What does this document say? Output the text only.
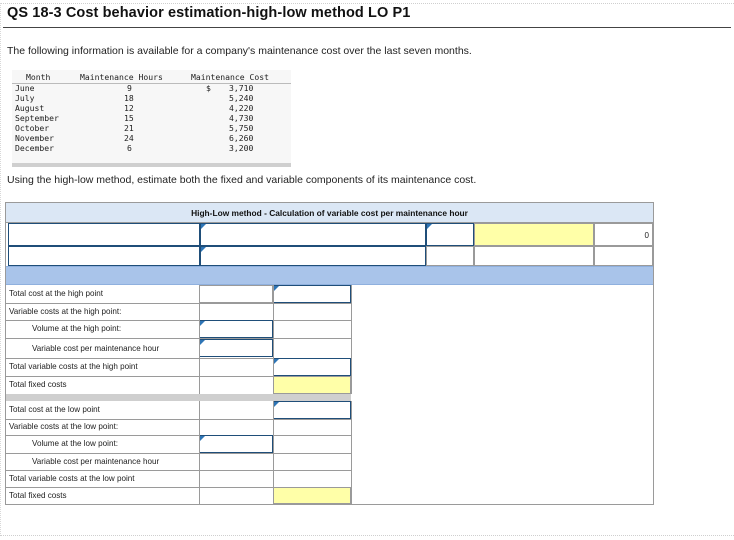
QS 18-3 Cost behavior estimation-high-low method LO P1
The following information is available for a company's maintenance cost over the last seven months.
Month	Maintenance Hours	Maintenance Cost
$
June	9	3,710
July	18	5,240
August	12	4,220
September	15	4,730
October	21	5,750
November	24	6,260
December	6	3,200
Using the high-low method, estimate both the fixed and variable components of its maintenance cost.
High-Low method - Calculation of variable cost per maintenance hour
0
Total cost at the high point
Variable costs at the high point:
Volume at the high point:
Variable cost per maintenance hour
Total variable costs at the high point
Total fixed costs
Total cost at the low point
Variable costs at the low point:
Volume at the low point:
Variable cost per maintenance hour
Total variable costs at the low point
Total fixed costs
